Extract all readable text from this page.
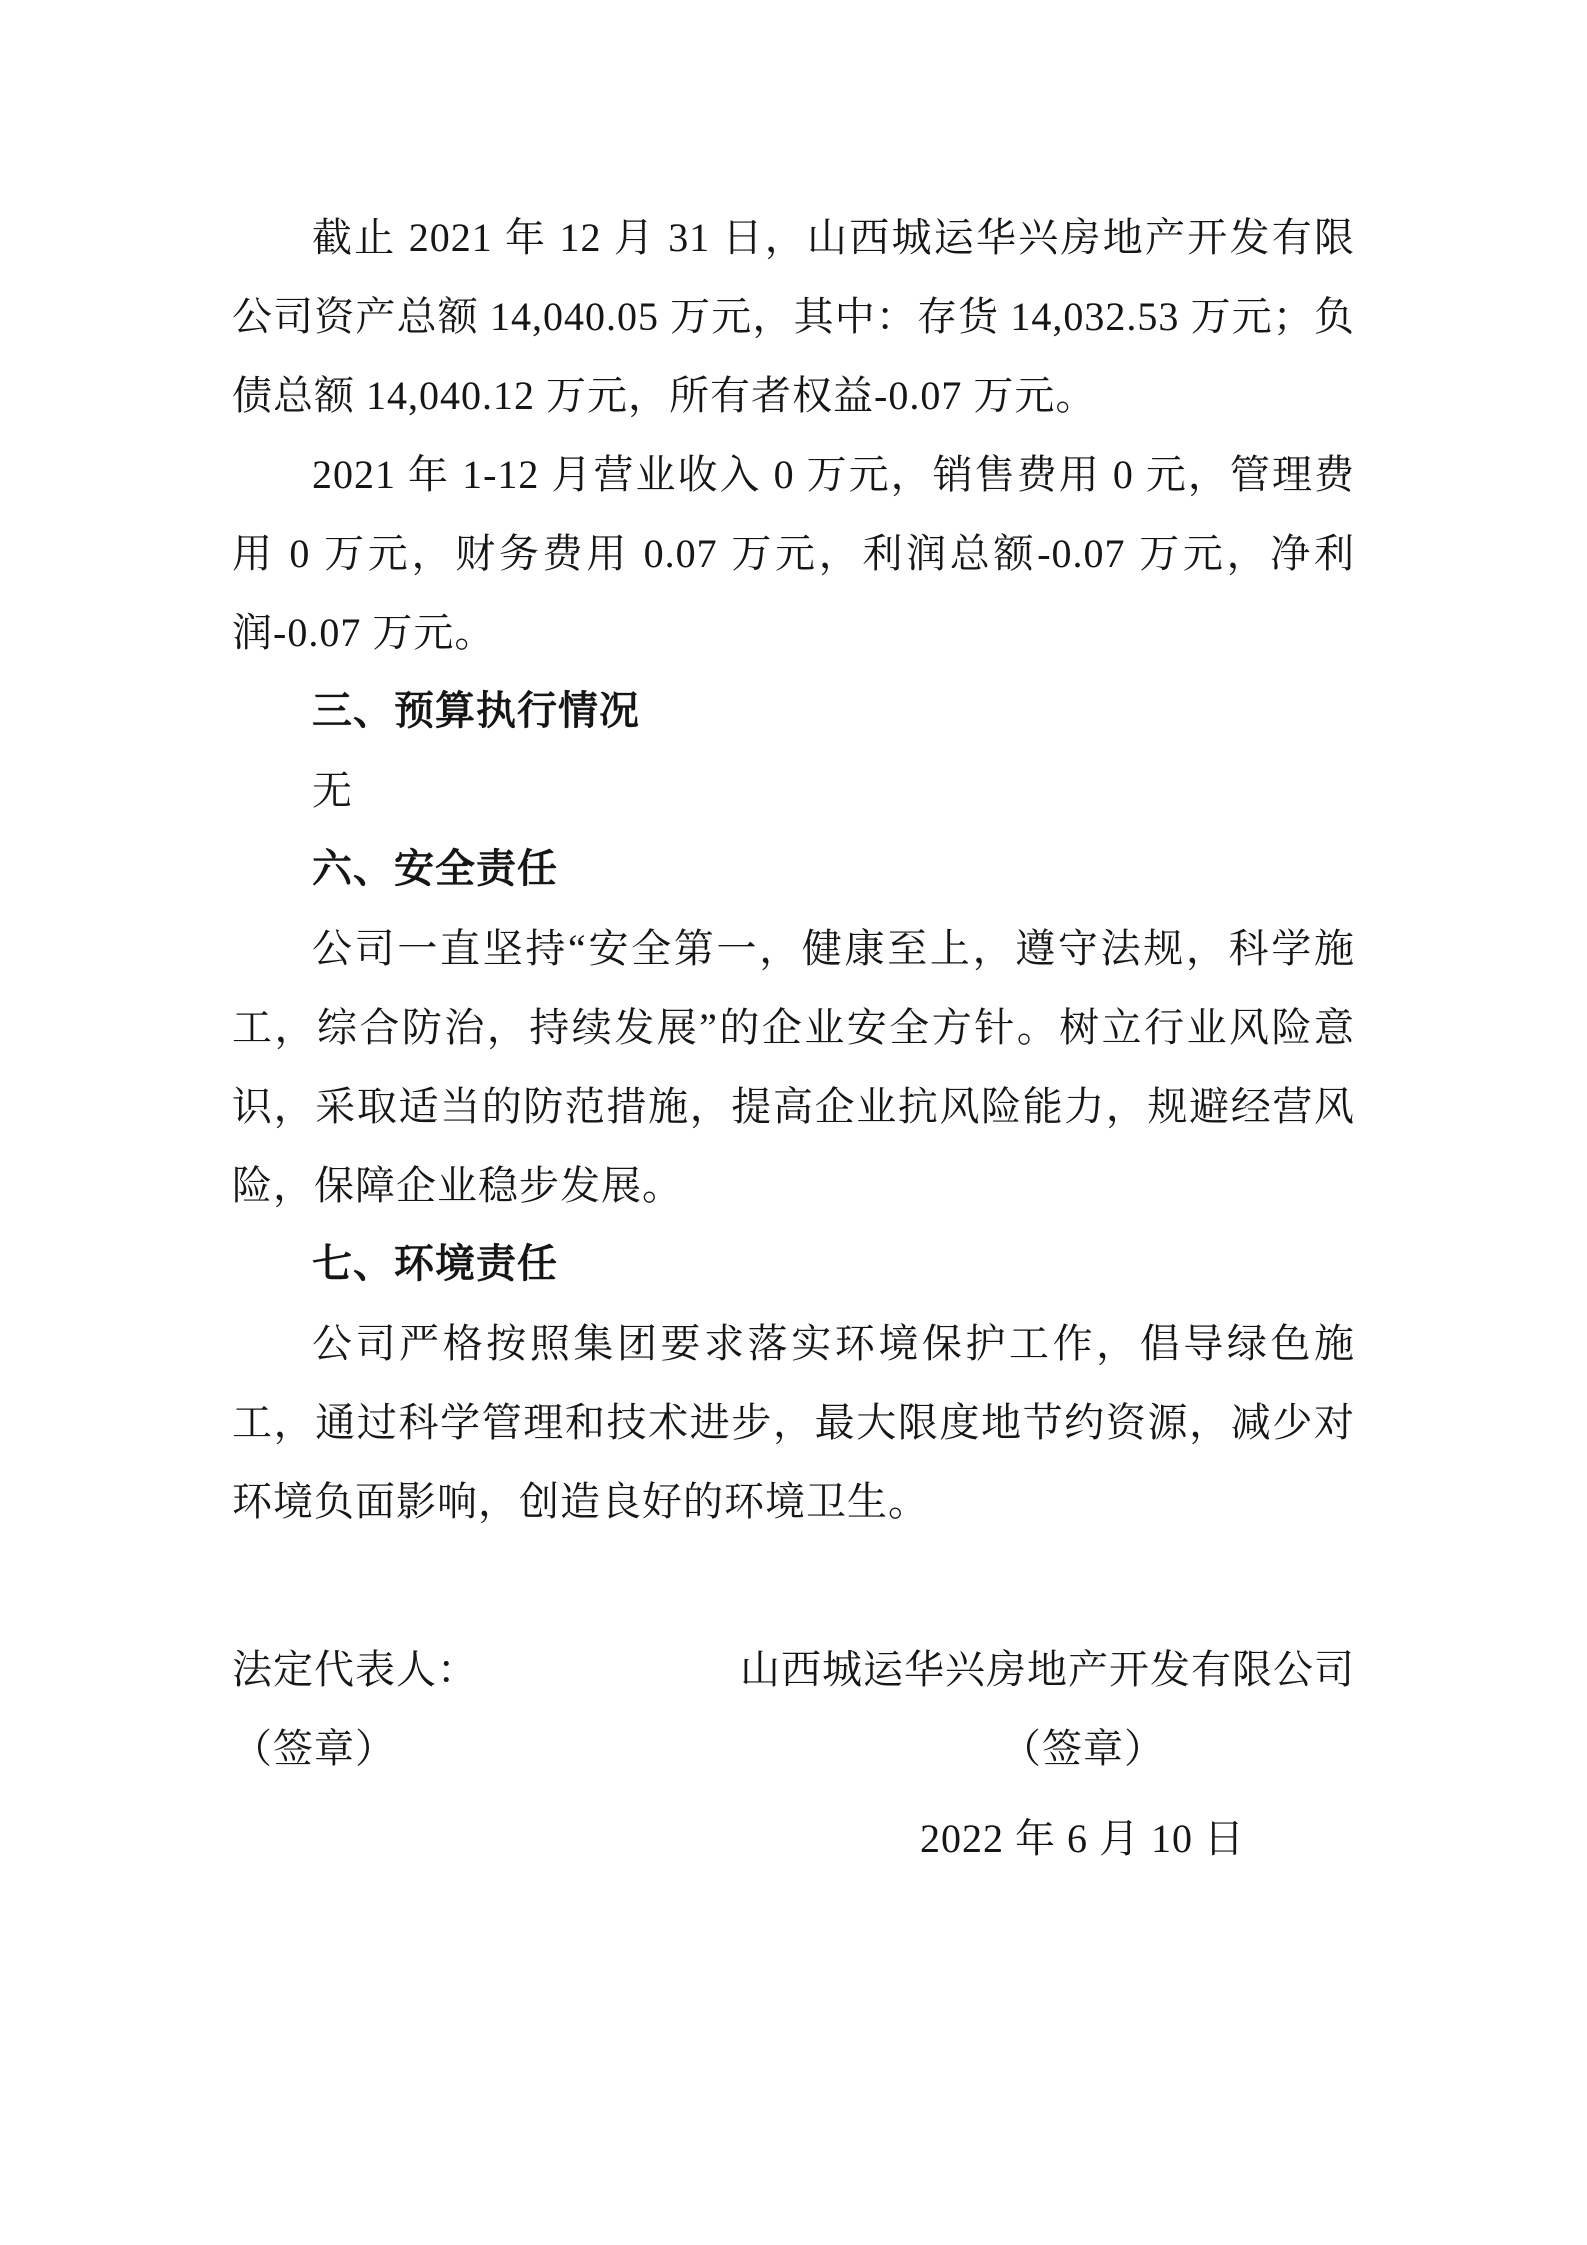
截止 2021 年 12 月 31 日，山西城运华兴房地产开发有限公司资产总额 14,040.05 万元，其中：存货 14,032.53 万元；负债总额 14,040.12 万元，所有者权益-0.07 万元。

2021 年 1-12 月营业收入 0 万元，销售费用 0 元，管理费用 0 万元，财务费用 0.07 万元，利润总额-0.07 万元，净利润-0.07 万元。

三、预算执行情况

无

六、安全责任

公司一直坚持“安全第一，健康至上，遵守法规，科学施工，综合防治，持续发展”的企业安全方针。树立行业风险意识，采取适当的防范措施，提高企业抗风险能力，规避经营风险，保障企业稳步发展。

七、环境责任

公司严格按照集团要求落实环境保护工作，倡导绿色施工，通过科学管理和技术进步，最大限度地节约资源，减少对环境负面影响，创造良好的环境卫生。

法定代表人：	山西城运华兴房地产开发有限公司
（签章）	（签章）
2022 年 6 月 10 日
